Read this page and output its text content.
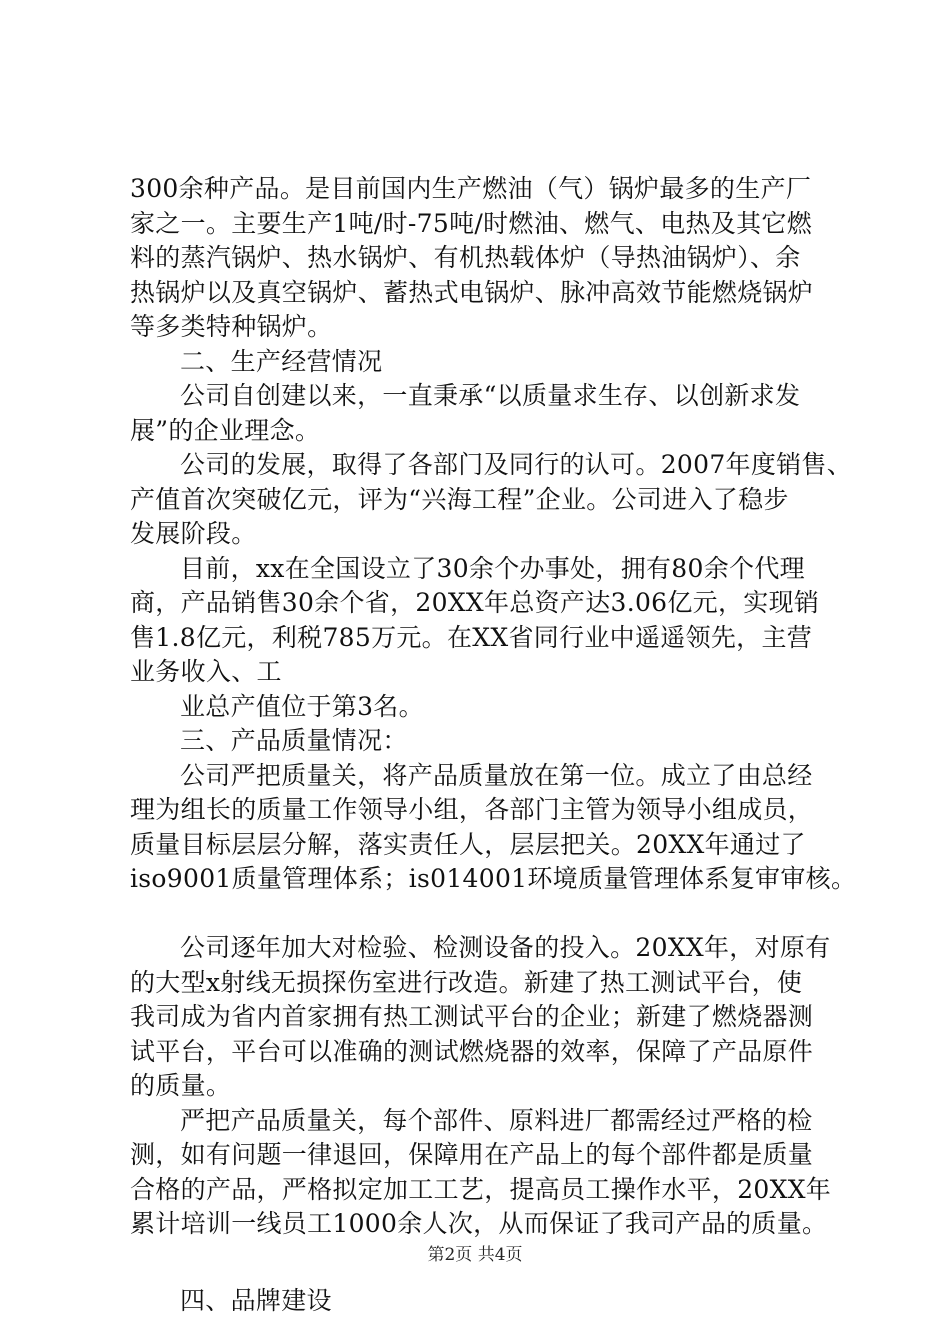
300余种产品。是目前国内生产燃油（气）锅炉最多的生产厂
家之一。主要生产1吨/时-75吨/时燃油、燃气、电热及其它燃
料的蒸汽锅炉、热水锅炉、有机热载体炉（导热油锅炉）、余
热锅炉以及真空锅炉、蓄热式电锅炉、脉冲高效节能燃烧锅炉
等多类特种锅炉。
二、生产经营情况
公司自创建以来，一直秉承“以质量求生存、以创新求发
展”的企业理念。
公司的发展，取得了各部门及同行的认可。2007年度销售、
产值首次突破亿元，评为“兴海工程”企业。公司进入了稳步
发展阶段。
目前，xx在全国设立了30余个办事处，拥有80余个代理
商，产品销售30余个省，20XX年总资产达3.06亿元，实现销
售1.8亿元，利税785万元。在XX省同行业中遥遥领先，主营
业务收入、工
业总产值位于第3名。
三、产品质量情况：
公司严把质量关，将产品质量放在第一位。成立了由总经
理为组长的质量工作领导小组，各部门主管为领导小组成员，
质量目标层层分解，落实责任人，层层把关。20XX年通过了
iso9001质量管理体系；is014001环境质量管理体系复审审核。
公司逐年加大对检验、检测设备的投入。20XX年，对原有
的大型x射线无损探伤室进行改造。新建了热工测试平台，使
我司成为省内首家拥有热工测试平台的企业；新建了燃烧器测
试平台，平台可以准确的测试燃烧器的效率，保障了产品原件
的质量。
严把产品质量关，每个部件、原料进厂都需经过严格的检
测，如有问题一律退回，保障用在产品上的每个部件都是质量
合格的产品，严格拟定加工工艺，提高员工操作水平，20XX年
累计培训一线员工1000余人次，从而保证了我司产品的质量。
四、品牌建设
第2页 共4页
